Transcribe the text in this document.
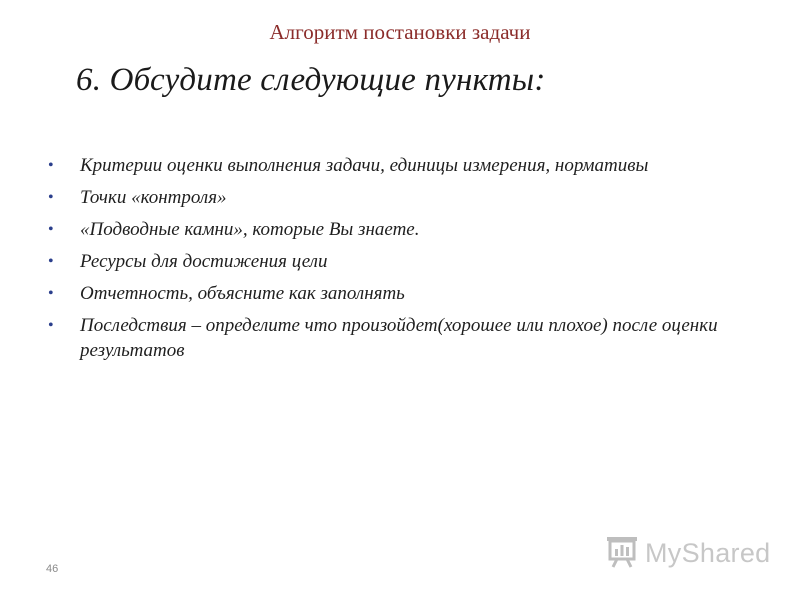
Алгоритм постановки задачи
6. Обсудите следующие пункты:
• Критерии оценки выполнения задачи, единицы измерения, нормативы
• Точки «контроля»
• «Подводные камни», которые Вы знаете.
• Ресурсы для достижения цели
• Отчетность, объясните как заполнять
• Последствия – определите что произойдет(хорошее или плохое) после оценки результатов
46
MyShared
